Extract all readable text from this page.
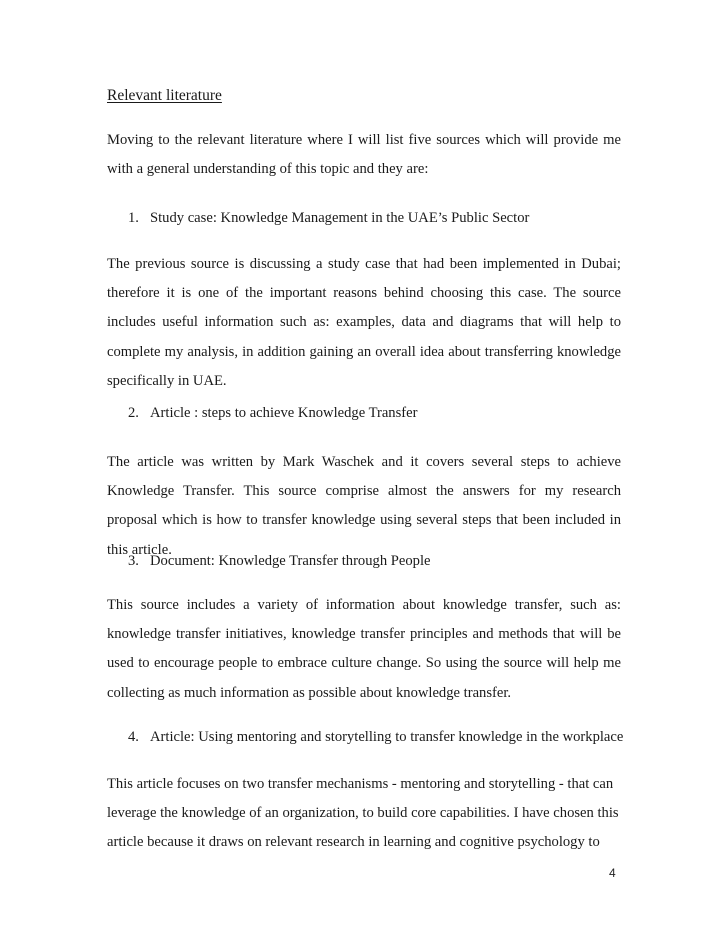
Relevant literature
Moving to the relevant literature where I will list five sources which will provide me with a general understanding of this topic and they are:
1. Study case: Knowledge Management in the UAE’s Public Sector
The previous source is discussing a study case that had been implemented in Dubai; therefore it is one of the important reasons behind choosing this case. The source includes useful information such as: examples, data and diagrams that will help to complete my analysis, in addition gaining an overall idea about transferring knowledge specifically in UAE.
2. Article : steps to achieve Knowledge Transfer
The article was written by Mark Waschek and it covers several steps to achieve Knowledge Transfer. This source comprise almost the answers for my research proposal which is how to transfer knowledge using several steps that been included in this article.
3. Document: Knowledge Transfer through People
This source includes a variety of information about knowledge transfer, such as: knowledge transfer initiatives, knowledge transfer principles and methods that will be used to encourage people to embrace culture change. So using the source will help me collecting as much information as possible about knowledge transfer.
4. Article: Using mentoring and storytelling to transfer knowledge in the workplace
This article focuses on two transfer mechanisms - mentoring and storytelling - that can
leverage the knowledge of an organization, to build core capabilities. I have chosen this
article because it draws on relevant research in learning and cognitive psychology to
4
